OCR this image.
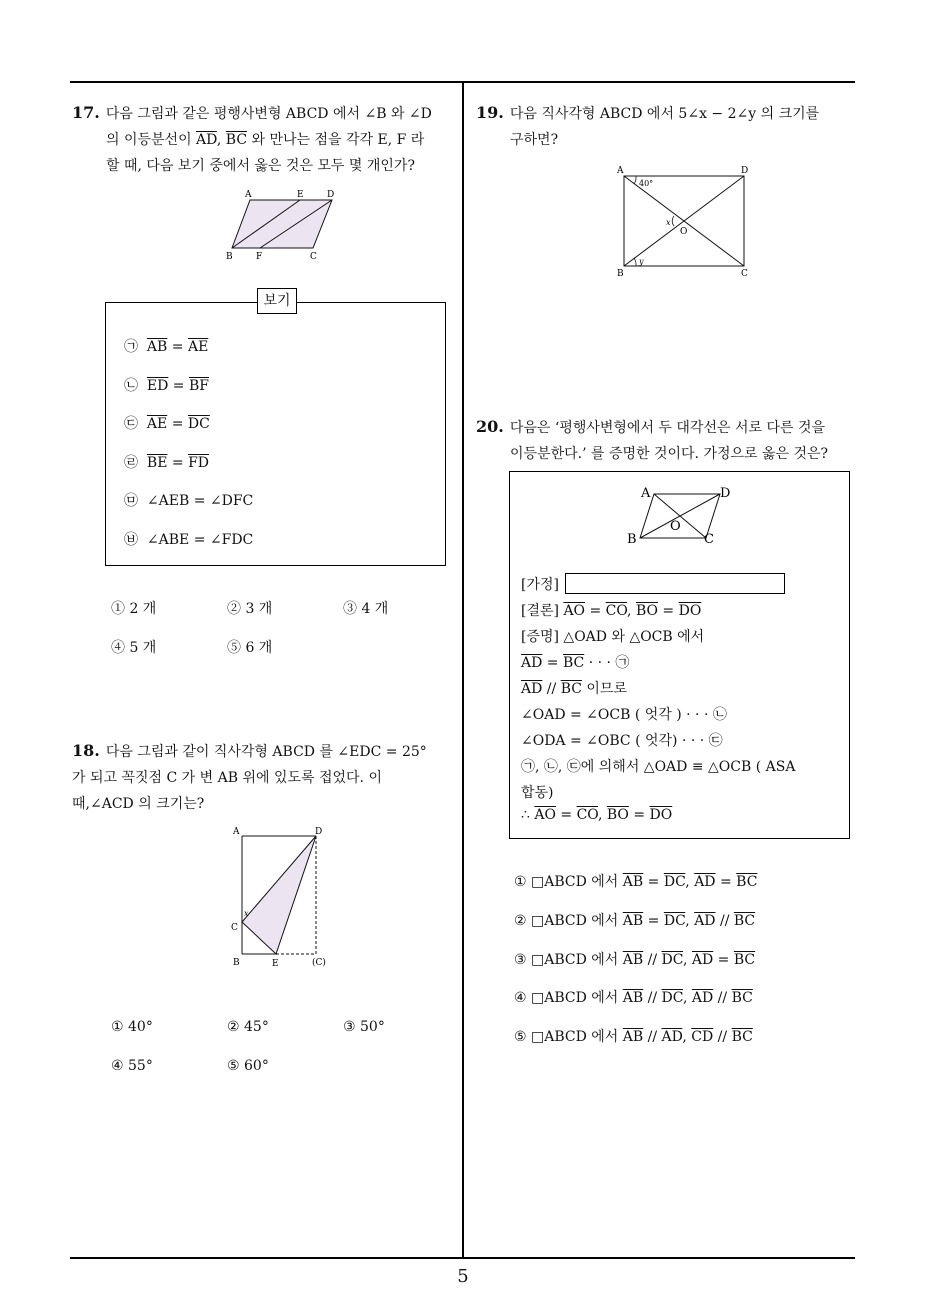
5
17. 다음 그림과 같은 평행사변형 ABCD 에서 ∠B 와 ∠D
의 이등분선이 $\overline{AD}$, $\overline{BC}$ 와 만나는 점을 각각 E, F 라
할 때, 다음 보기 중에서 옳은 것은 모두 몇 개인가?
A	E	D
B	F	C
보기
㉠ $\overline{AB} = \overline{AE}$
㉡ $\overline{ED} = \overline{BF}$
㉢ $\overline{AE} = \overline{DC}$
㉣ $\overline{BE} = \overline{FD}$
㉤ ∠AEB = ∠DFC
㉥ ∠ABE = ∠FDC
① 2 개	② 3 개	③ 4 개
④ 5 개	⑤ 6 개
18. 다음 그림과 같이 직사각형 ABCD 를 ∠EDC = 25°
가 되고 꼭짓점 C 가 변 AB 위에 있도록 접었다. 이
때,∠ACD 의 크기는?
A	D
C
x
B	E	(C)
① 40°	② 45°	③ 50°
④ 55°	⑤ 60°
19. 다음 직사각형 ABCD 에서 5∠x − 2∠y 의 크기를
구하면?
A	D
40°
x
O
B
y
C
20. 다음은 ‘평행사변형에서 두 대각선은 서로 다른 것을
이등분한다.’ 를 증명한 것이다. 가정으로 옳은 것은?
A	D
O
B	C
[가정]
[결론] $\overline{AO} = \overline{CO}$, $\overline{BO} = \overline{DO}$
[증명] △OAD 와 △OCB 에서
$\overline{AD} = \overline{BC}$ · · · ㉠
$\overline{AD} // \overline{BC}$ 이므로
∠OAD = ∠OCB ( 엇각 ) · · · ㉡
∠ODA = ∠OBC ( 엇각) · · · ㉢
㉠, ㉡, ㉢에 의해서 △OAD ≡ △OCB ( ASA
합동)
∴ $\overline{AO} = \overline{CO}$, $\overline{BO} = \overline{DO}$
① □ABCD 에서 $\overline{AB} = \overline{DC}$, $\overline{AD} = \overline{BC}$
② □ABCD 에서 $\overline{AB} = \overline{DC}$, $\overline{AD} // \overline{BC}$
③ □ABCD 에서 $\overline{AB} // \overline{DC}$, $\overline{AD} = \overline{BC}$
④ □ABCD 에서 $\overline{AB} // \overline{DC}$, $\overline{AD} // \overline{BC}$
⑤ □ABCD 에서 $\overline{AB} // \overline{AD}$, $\overline{CD} // \overline{BC}$
